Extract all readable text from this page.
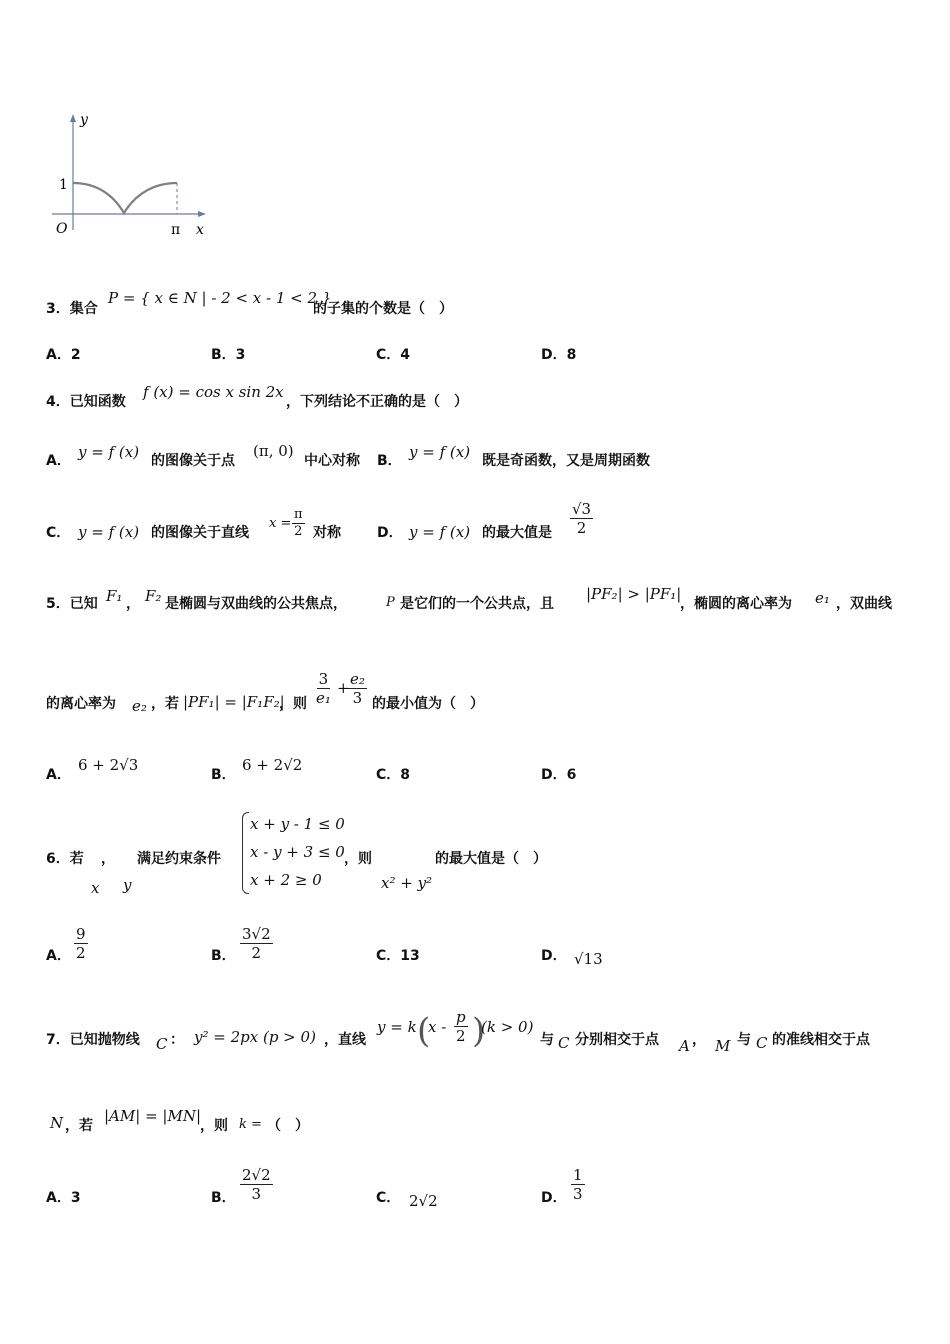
y
1
O	π x
3．集合
P = { x ∈ N | - 2 < x - 1 < 2 }
的子集的个数是（　）
A．2	B．3	C．4	D．8
4．已知函数
f (x) = cos x sin 2x
，下列结论不正确的是（　）
A． y = f (x) 的图像关于点
(π, 0)
中心对称 B． y = f (x) 既是奇函数，又是周期函数
C． y = f (x) 的图像关于直线
$x = \frac{\pi}{2}$ 对称	D． y = f (x) 的最大值是 $\frac{√3}{2}$
5．已知 F₁ ， F₂ 是椭圆与双曲线的公共焦点，	P 是它们的一个公共点，且
|PF₂| > |PF₁|
，椭圆的离心率为 e₁ ，双曲线
的离心率为 e₂ ，若 |PF₁| = |F₁F₂|
，则 $\frac{3}{\text{e₁}}$ +
$\frac{\text{e₂}}{3}$ 的最小值为（　）
A．
6 + 2√3
B．
6 + 2√2
C．8	D．6
6．若 ，
x y
满足约束条件
x + y - 1 ≤ 0
x - y + 3 ≤ 0
x + 2 ≥ 0
，则
x² + y²
的最大值是（　）
A． $\frac{9}{2}$	B． $\frac{3√2}{2}$	C．13	D． √13
7．已知抛物线 C ： y² = 2px (p > 0) ，直线
y = k (
x - $\frac{p}{2}$ )
(k > 0)
与 C 分别相交于点 A ， M 与 C 的准线相交于点
N ，若
|AM| = |MN|
，则 k = （　）
A．3	B． $\frac{2√2}{3}$	C． 2√2	D． $\frac{1}{3}$
